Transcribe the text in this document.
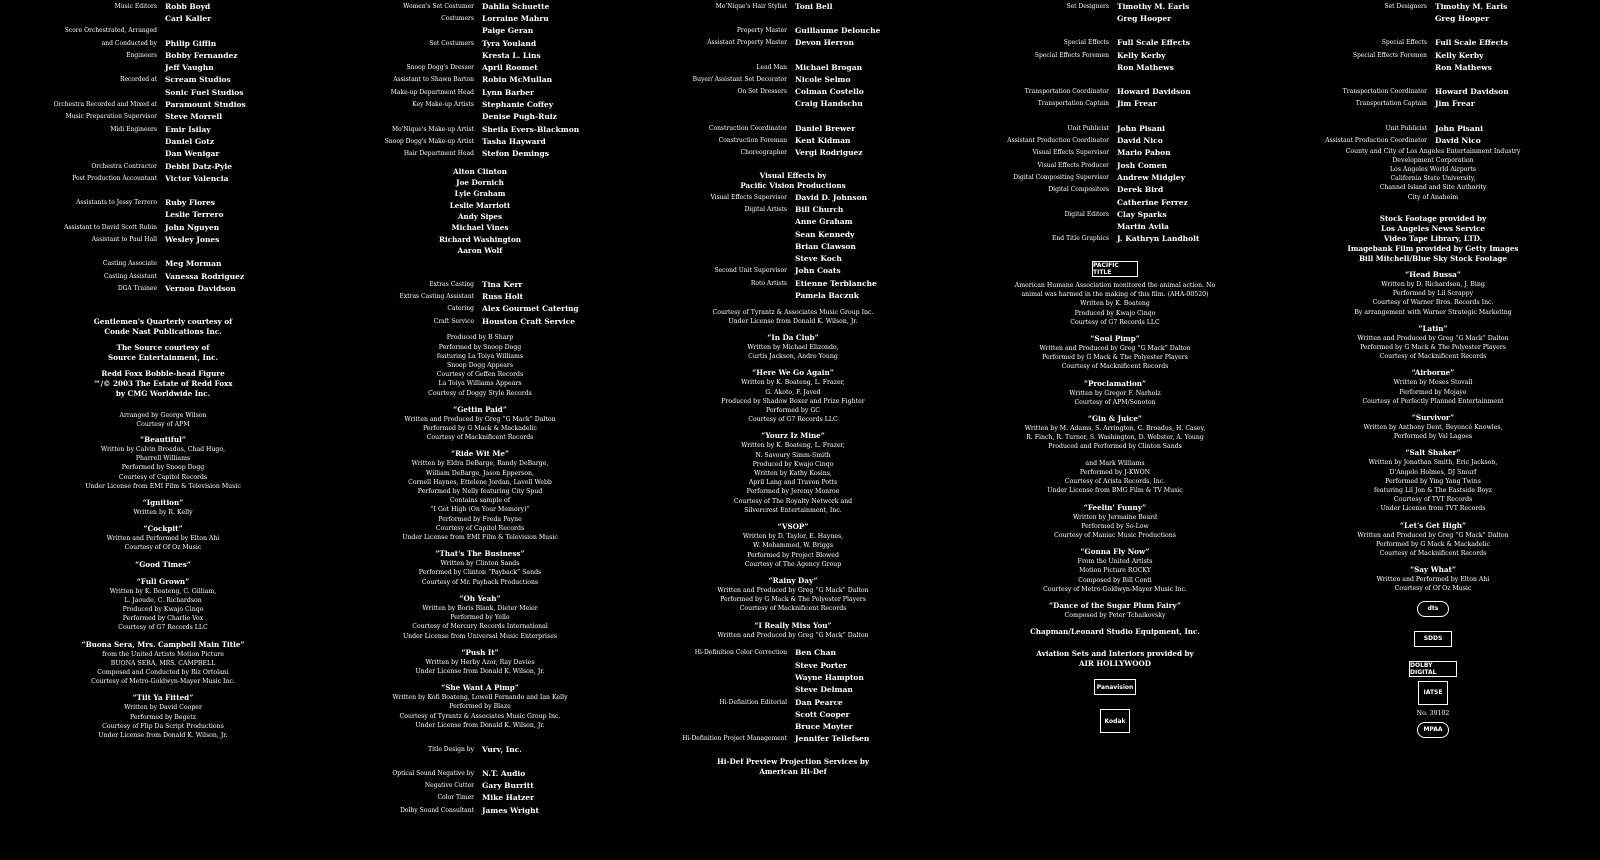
Music Editors	Robb Boyd
Carl Kaller
Score Orchestrated, Arranged
and Conducted by	Philip Giffin
Engineers	Bobby Fernandez
Jeff Vaughn
Recorded at	Scream Studios
Sonic Fuel Studios
Orchestra Recorded and Mixed at	Paramount Studios
Music Preparation Supervisor	Steve Morrell
Midi Engineers	Emir Isilay
Daniel Gotz
Dan Wenigar
Orchestra Contractor	Debbi Datz-Pyle
Post Production Accountant	Victor Valencia
Assistants to Jessy Terrero	Ruby Flores
Leslie Terrero
Assistant to David Scott Rubin	John Nguyen
Assistant to Paul Hall	Wesley Jones
Casting Associate	Meg Morman
Casting Assistant	Vanessa Rodriguez
DGA Trainee	Vernon Davidson
Gentlemen's Quarterly courtesy of
Conde Nast Publications Inc.
The Source courtesy of
Source Entertainment, Inc.
Redd Foxx Bobble-head Figure
™/© 2003 The Estate of Redd Foxx
by CMG Worldwide Inc.
Arranged by George Wilson
Courtesy of APM
“Beautiful”
Written by Calvin Broadus, Chad Hugo,
Pharrell Williams
Performed by Snoop Dogg
Courtesy of Capitol Records
Under License from EMI Film & Television Music
“Ignition”
Written by R. Kelly
“Cockpit”
Written and Performed by Elton Ahi
Courtesy of Of Oz Music
“Good Times”
“Full Grown”
Written by K. Boateng, C. Gilliam,
L. Jaoude, C. Richardson
Produced by Kwajo Cinqo
Performed by Charlie Vox
Courtesy of G7 Records LLC
“Buona Sera, Mrs. Campbell Main Title”
from the United Artists Motion Picture
BUONA SERA, MRS. CAMPBELL
Composed and Conducted by Riz Ortolani
Courtesy of Metro-Goldwyn-Mayer Music Inc.
“Tilt Ya Fitted”
Written by David Cooper
Performed by Begetz
Courtesy of Flip Da Script Productions
Under License from Donald K. Wilson, Jr.
Women's Set Costumer	Dahlia Schuette
Costumers	Lorraine Mahru
Paige Geran
Set Costumers	Tyra Youland
Kresta L. Lins
Snoop Dogg's Dresser	April Roomet
Assistant to Shawn Barton	Robin McMullan
Make-up Department Head	Lynn Barber
Key Make-up Artists	Stephanie Coffey
Denise Pugh-Ruiz
Mo'Nique's Make-up Artist	Sheila Evers-Blackmon
Snoop Dogg's Make-up Artist	Tasha Hayward
Hair Department Head	Stefon Demings
Alton Clinton
Joe Dornich
Lyle Graham
Leslie Marriott
Andy Sipes
Michael Vines
Richard Washington
Aaron Wolf
Extras Casting	Tina Kerr
Extras Casting Assistant	Russ Holt
Catering	Alex Gourmet Catering
Craft Service	Houston Craft Service
Produced by B Sharp
Performed by Snoop Dogg
featuring La Toiya Williams
Snoop Dogg Appears
Courtesy of Geffen Records
La Toiya Williams Appears
Courtesy of Doggy Style Records
“Gettin Paid”
Written and Produced by Greg “G Mack” Dalton
Performed by G Mack & Mackadelic
Courtesy of Macknificent Records
“Ride Wit Me”
Written by Eldra DeBarge, Randy DeBarge,
William DeBarge, Jason Epperson,
Cornell Haynes, Ettelene Jordan, Lavell Webb
Performed by Nelly featuring City Spud
Contains sample of
“I Got High (On Your Memory)”
Performed by Freda Payne
Courtesy of Capitol Records
Under License from EMI Film & Television Music
“That's The Business”
Written by Clinton Sands
Performed by Clinton “Payback” Sands
Courtesy of Mr. Payback Productions
“Oh Yeah”
Written by Boris Blank, Dieter Meier
Performed by Yello
Courtesy of Mercury Records International
Under License from Universal Music Enterprises
“Push It”
Written by Herby Azor, Ray Davies
Under License from Donald K. Wilson, Jr.
“She Want A Pimp”
Written by Kofi Boateng, Lowell Fernando and Ian Kelly
Performed by Blaze
Courtesy of Tyrantz & Associates Music Group Inc.
Under License from Donald K. Wilson, Jr.
Title Design by	Vurv, Inc.
Optical Sound Negative by	N.T. Audio
Negative Cutter	Gary Burritt
Color Timer	Mike Hatzer
Dolby Sound Consultant	James Wright
Mo'Nique's Hair Stylist	Toni Bell
Property Master	Guillaume Delouche
Assistant Property Master	Devon Herron
Lead Man	Michael Brogan
Buyer/ Assistant Set Decorator	Nicole Selmo
On Set Dressers	Colman Costello
Craig Handschu
Construction Coordinator	Daniel Brewer
Construction Foreman	Kent Kidman
Choreographer	Vergi Rodriguez
Visual Effects by
Pacific Vision Productions
Visual Effects Supervisor	David D. Johnson
Digital Artists	Bill Church
Anne Graham
Sean Kennedy
Brian Clawson
Steve Koch
Second Unit Supervisor	John Coats
Roto Artists	Etienne Terblanche
Pamela Baczuk
Courtesy of Tyrantz & Associates Music Group Inc.
Under License from Donald K. Wilson, Jr.
“In Da Club”
Written by Michael Elizondo,
Curtis Jackson, Andre Young
“Here We Go Again”
Written by K. Boateng, L. Frazer,
G. Akoto, F. Javed
Produced by Shadow Boxer and Prize Fighter
Performed by GC
Courtesy of G7 Records LLC
“Yourz Iz Mine”
Written by K. Boateng, L. Frazer,
N. Savoury Simm-Smith
Produced by Kwajo Cinqo
Written by Kathy Kosins,
April Lang and Travon Potts
Performed by Jeremy Monroe
Courtesy of The Royalty Network and
Silvercrest Entertainment, Inc.
“VSOP”
Written by D. Taylor, E. Haynes,
W. Mohammed, W. Briggs
Performed by Project Blowed
Courtesy of The Agency Group
“Rainy Day”
Written and Produced by Greg “G Mack” Dalton
Performed by G Mack & The Polyester Players
Courtesy of Macknificent Records
“I Really Miss You”
Written and Produced by Greg “G Mack” Dalton
Hi-Definition Color Correction	Ben Chan
Steve Porter
Wayne Hampton
Steve Delman
Hi-Definition Editorial	Dan Pearce
Scott Cooper
Bruce Moyter
Hi-Definition Project Management	Jennifer Tellefsen
Hi-Def Preview Projection Services by
American Hi-Def
Set Designers	Timothy M. Earls
Greg Hooper
Special Effects	Full Scale Effects
Special Effects Foremen	Kelly Kerby
Ron Mathews
Transportation Coordinator	Howard Davidson
Transportation Captain	Jim Frear
Unit Publicist	John Pisani
Assistant Production Coordinator	David Nico
Visual Effects Supervisor	Mario Pabon
Visual Effects Producer	Josh Comen
Digital Compositing Supervisor	Andrew Midgley
Digital Compositors	Derek Bird
Catherine Ferrez
Digital Editors	Clay Sparks
Martin Avila
End Title Graphics	J. Kathryn Landholt
PACIFIC TITLE
American Humane Association monitored the animal action. No
animal was harmed in the making of this film. (AHA-00520)
Written by K. Boateng
Produced by Kwajo Cinqo
Courtesy of G7 Records LLC
“Soul Pimp”
Written and Produced by Greg “G Mack” Dalton
Performed by G Mack & The Polyester Players
Courtesy of Macknificent Records
“Proclamation”
Written by Gregor F. Narholz
Courtesy of APM/Sonoton
“Gin & Juice”
Written by M. Adams, S. Arrington, C. Broadus, H. Casey,
R. Finch, R. Turner, S. Washington, D. Webster, A. Young
Produced and Performed by Clinton Sands
and Mark Williams
Performed by J-KWON
Courtesy of Arista Records, Inc.
Under License from BMG Film & TV Music
“Feelin' Funny”
Written by Jermaine Beard
Performed by So-Low
Courtesy of Maniac Music Productions
“Gonna Fly Now”
From the United Artists
Motion Picture ROCKY
Composed by Bill Conti
Courtesy of Metro-Goldwyn-Mayer Music Inc.
“Dance of the Sugar Plum Fairy”
Composed by Peter Tchaikovsky
Chapman/Leonard Studio Equipment, Inc.
Aviation Sets and Interiors provided by
AIR HOLLYWOOD
Panavision
Kodak
Set Designers	Timothy M. Earls
Greg Hooper
Special Effects	Full Scale Effects
Special Effects Foremen	Kelly Kerby
Ron Mathews
Transportation Coordinator	Howard Davidson
Transportation Captain	Jim Frear
Unit Publicist	John Pisani
Assistant Production Coordinator	David Nico
County and City of Los Angeles Entertainment Industry
Development Corporation
Los Angeles World Airports
California State University,
Channel Island and Site Authority
City of Anaheim
Stock Footage provided by
Los Angeles News Service
Video Tape Library, LTD.
Imagebank Film provided by Getty Images
Bill Mitchell/Blue Sky Stock Footage
“Head Bussa”
Written by D. Richardson, J. Bing
Performed by Lil Scrappy
Courtesy of Warner Bros. Records Inc.
By arrangement with Warner Strategic Marketing
“Latin”
Written and Produced by Greg “G Mack” Dalton
Performed by G Mack & The Polyester Players
Courtesy of Macknificent Records
“Airborne”
Written by Moses Stovall
Performed by Mojaye
Courtesy of Perfectly Planned Entertainment
“Survivor”
Written by Anthony Dent, Beyoncé Knowles,
Performed by Val Lagoes
“Salt Shaker”
Written by Jonathan Smith, Eric Jackson,
D'Angelo Holmes, DJ Smurf
Performed by Ying Yang Twins
featuring Lil Jon & The Eastside Boyz
Courtesy of TVT Records
Under License from TVT Records
“Let's Get High”
Written and Produced by Greg “G Mack” Dalton
Performed by G Mack & Mackadelic
Courtesy of Macknificent Records
“Say What”
Written and Performed by Elton Ahi
Courtesy of Of Oz Music
dts
SDDS
DOLBY DIGITAL
IATSE
No. 39102
MPAA
